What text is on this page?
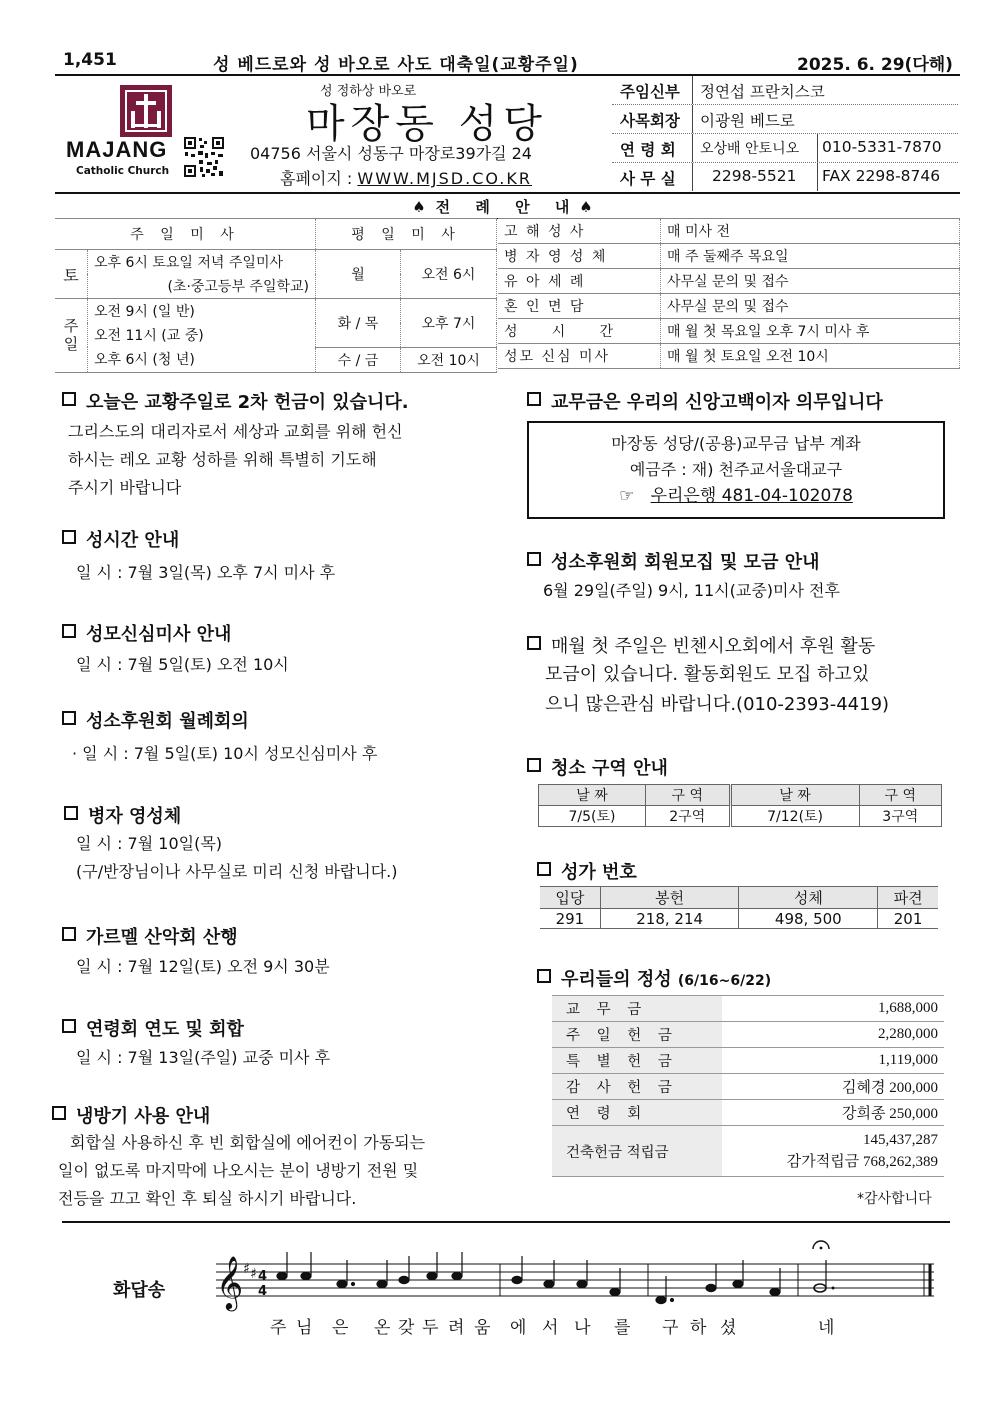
1,451	성 베드로와 성 바오로 사도 대축일(교황주일)	2025. 6. 29(다해)
MAJANG
Catholic Church
성 정하상 바오로
마장동 성당
04756 서울시 성동구 마장로39가길 24
홈페이지 : WWW.MJSD.CO.KR
주임신부 정연섭 프란치스코
사목회장 이광원 베드로
연 령 회 오상배 안토니오 010-5331-7870
사 무 실 2298-5521 FAX 2298-8746
♠전 례 안 내♠
주 일 미 사		평 일 미 사	
토	오후 6시 토요일 저녁 주일미사	월	오전 6시
	(초·중고등부 주일학교)		
주일	오전 9시 (일 반)	화 / 목	오후 7시
	오전 11시 (교 중)		
	오후 6시 (청 년)	수 / 금	오전 10시
고 해 성 사	매 미사 전
병 자 영 성 체	매 주 둘째주 목요일
유 아 세 례	사무실 문의 및 접수
혼 인 면 담	사무실 문의 및 접수
성     시     간	매 월 첫 목요일 오후 7시 미사 후
성모 신심 미사	매 월 첫 토요일 오전 10시
오늘은 교황주일로 2차 헌금이 있습니다.
그리스도의 대리자로서 세상과 교회를 위해 헌신
하시는 레오 교황 성하를 위해 특별히 기도해
주시기 바랍니다
성시간 안내
일 시 : 7월 3일(목) 오후 7시 미사 후
성모신심미사 안내
일 시 : 7월 5일(토) 오전 10시
성소후원회 월례회의
· 일 시 : 7월 5일(토) 10시 성모신심미사 후
병자 영성체
일 시 : 7월 10일(목)
(구/반장님이나 사무실로 미리 신청 바랍니다.)
가르멜 산악회 산행
일 시 : 7월 12일(토) 오전 9시 30분
연령회 연도 및 회합
일 시 : 7월 13일(주일) 교중 미사 후
냉방기 사용 안내
회합실 사용하신 후 빈 회합실에 에어컨이 가동되는
일이 없도록 마지막에 나오시는 분이 냉방기 전원 및
전등을 끄고 확인 후 퇴실 하시기 바랍니다.
교무금은 우리의 신앙고백이자 의무입니다
마장동 성당/(공용)교무금 납부 계좌
예금주 : 재) 천주교서울대교구
☞ 우리은행 481-04-102078
성소후원회 회원모집 및 모금 안내
6월 29일(주일) 9시, 11시(교중)미사 전후
매월 첫 주일은 빈첸시오회에서 후원 활동
모금이 있습니다. 활동회원도 모집 하고있
으니 많은관심 바랍니다.(010-2393-4419)
청소 구역 안내
날 짜	구 역	날 짜	구 역
7/5(토)	2구역	7/12(토)	3구역
성가 번호
입당	봉헌	성체	파견
291	218, 214	498, 500	201
우리들의 정성 (6/16~6/22)
교 무 금	1,688,000
주 일 헌 금	2,280,000
특 별 헌 금	1,119,000
감 사 헌 금	김혜경 200,000
연 령 회	강희종 250,000
건축헌금 적립금	145,437,287
감가적립금 768,262,389
*감사합니다
화답송 𝄞 ♯ ♯ 4
4
주 님 은 온 갖 두 려 움 에 서 나 를 구 하 셨	네
